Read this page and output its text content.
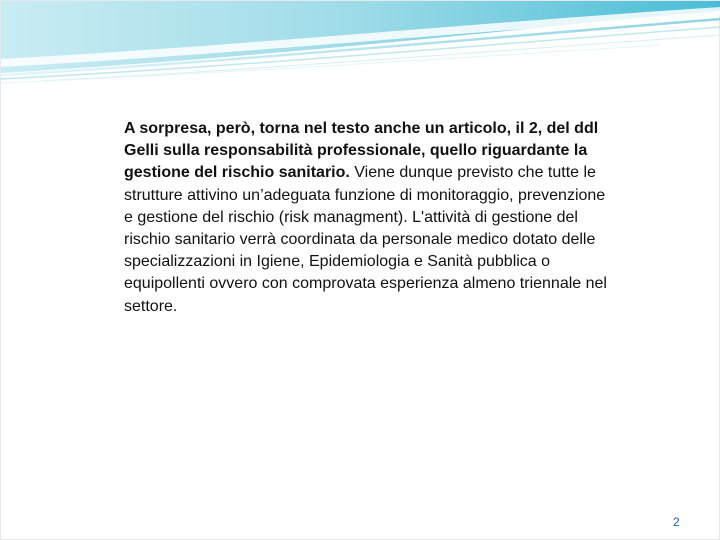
A sorpresa, però, torna nel testo anche un articolo, il 2, del ddl Gelli sulla responsabilità professionale, quello riguardante la gestione del rischio sanitario. Viene dunque previsto che tutte le strutture attivino un’adeguata funzione di monitoraggio, prevenzione e gestione del rischio (risk managment). L'attività di gestione del rischio sanitario verrà coordinata da personale medico dotato delle specializzazioni in Igiene, Epidemiologia e Sanità pubblica o equipollenti ovvero con comprovata esperienza almeno triennale nel settore.

2
